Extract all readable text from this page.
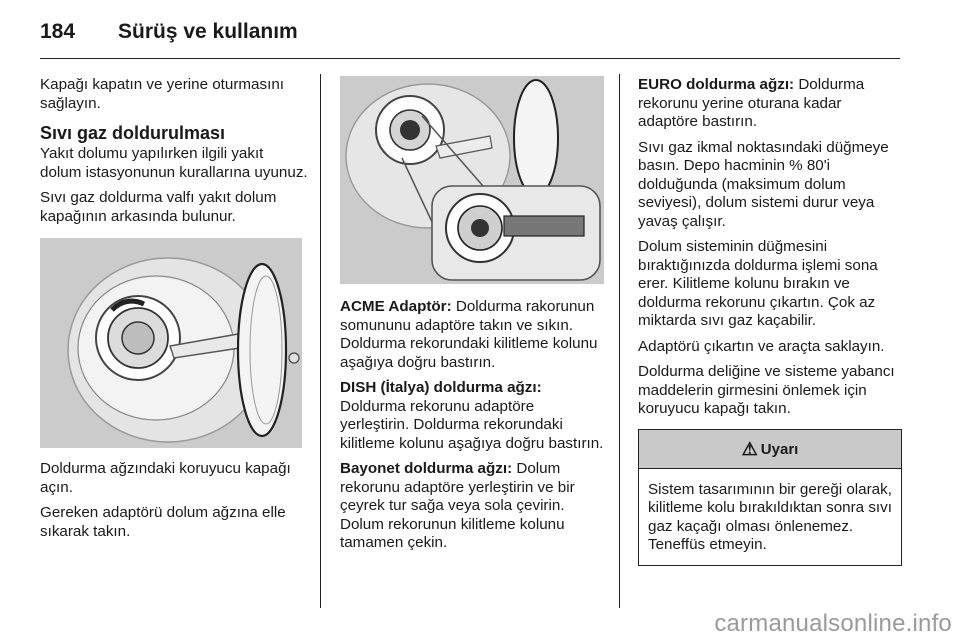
184 Sürüş ve kullanım

Kapağı kapatın ve yerine oturmasını sağlayın.

Sıvı gaz doldurulması

Yakıt dolumu yapılırken ilgili yakıt dolum istasyonunun kurallarına uyunuz.

Sıvı gaz doldurma valfı yakıt dolum kapağının arkasında bulunur.

Doldurma ağzındaki koruyucu kapağı açın.

Gereken adaptörü dolum ağzına elle sıkarak takın.

ACME Adaptör: Doldurma rakorunun somununu adaptöre takın ve sıkın. Doldurma rekorundaki kilitleme kolunu aşağıya doğru bastırın.

DISH (İtalya) doldurma ağzı:
Doldurma rekorunu adaptöre yerleştirin. Doldurma rekorundaki kilitleme kolunu aşağıya doğru bastırın.

Bayonet doldurma ağzı: Dolum rekorunu adaptöre yerleştirin ve bir çeyrek tur sağa veya sola çevirin. Dolum rekorunun kilitleme kolunu tamamen çekin.

EURO doldurma ağzı: Doldurma rekorunu yerine oturana kadar adaptöre bastırın.

Sıvı gaz ikmal noktasındaki düğmeye basın. Depo hacminin % 80'i dolduğunda (maksimum dolum seviyesi), dolum sistemi durur veya yavaş çalışır.

Dolum sisteminin düğmesini bıraktığınızda doldurma işlemi sona erer. Kilitleme kolunu bırakın ve doldurma rekorunu çıkartın. Çok az miktarda sıvı gaz kaçabilir.

Adaptörü çıkartın ve araçta saklayın.

Doldurma deliğine ve sisteme yabancı maddelerin girmesini önlemek için koruyucu kapağı takın.

⚠ Uyarı
Sistem tasarımının bir gereği olarak, kilitleme kolu bırakıldıktan sonra sıvı gaz kaçağı olması önlenemez. Teneffüs etmeyin.
carmanualsonline.info
